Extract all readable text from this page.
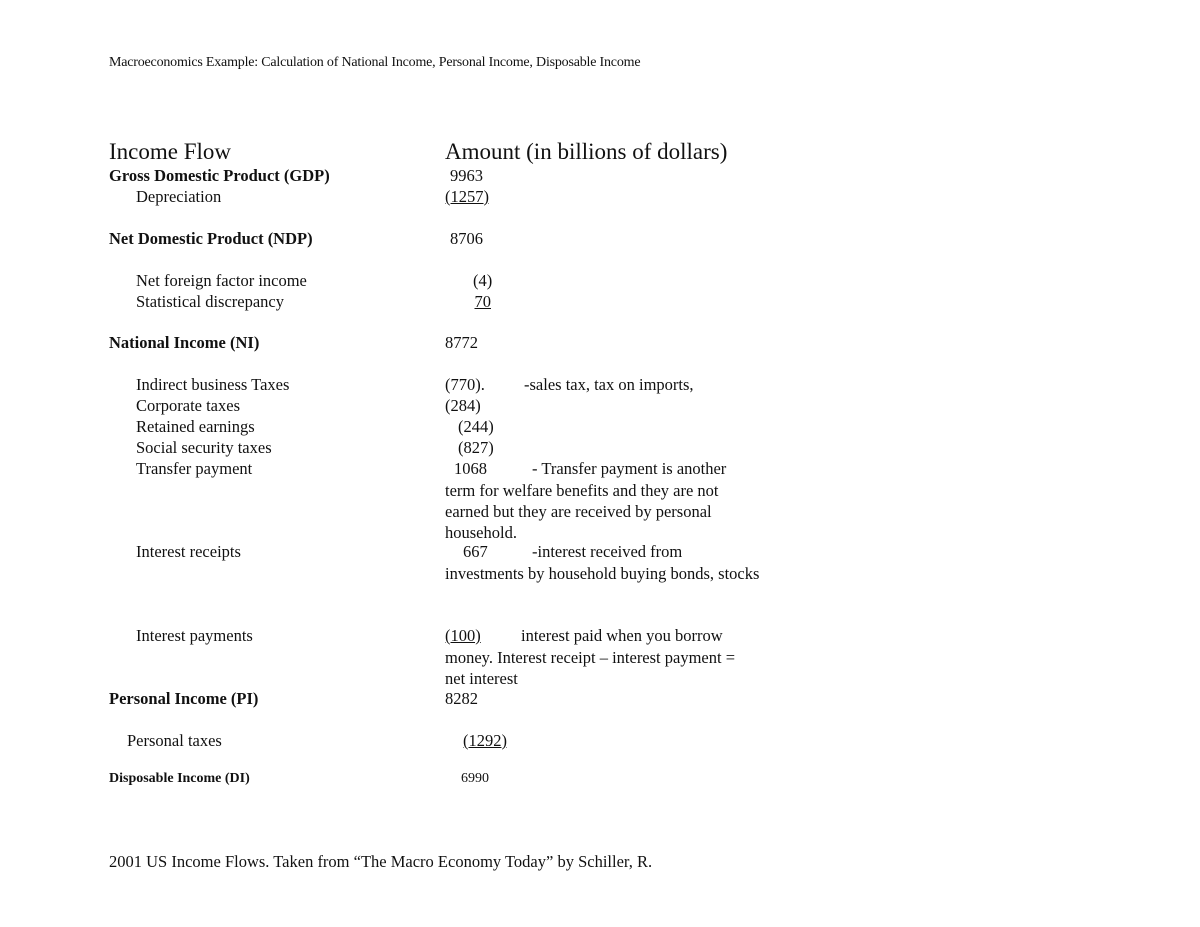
Macroeconomics Example: Calculation of National Income, Personal Income, Disposable Income
Income Flow	Amount (in billions of dollars)
Gross Domestic Product (GDP)	9963
Depreciation	(1257)
Net Domestic Product (NDP)	8706
Net foreign factor income	(4)
Statistical discrepancy	70
National Income (NI)	8772
Indirect business Taxes	(770). -sales tax, tax on imports,
Corporate taxes	(284)
Retained earnings	(244)
Social security taxes	(827)
Transfer payment	1068	- Transfer payment is another
term for welfare benefits and they are not earned but they are received by personal household.
Interest receipts	667	-interest received from
investments by household buying bonds, stocks
Interest payments	(100)	interest paid when you borrow
money. Interest receipt – interest payment = net interest
Personal Income (PI)	8282
Personal taxes	(1292)
Disposable Income (DI)	6990
2001 US Income Flows. Taken from “The Macro Economy Today” by Schiller, R.
